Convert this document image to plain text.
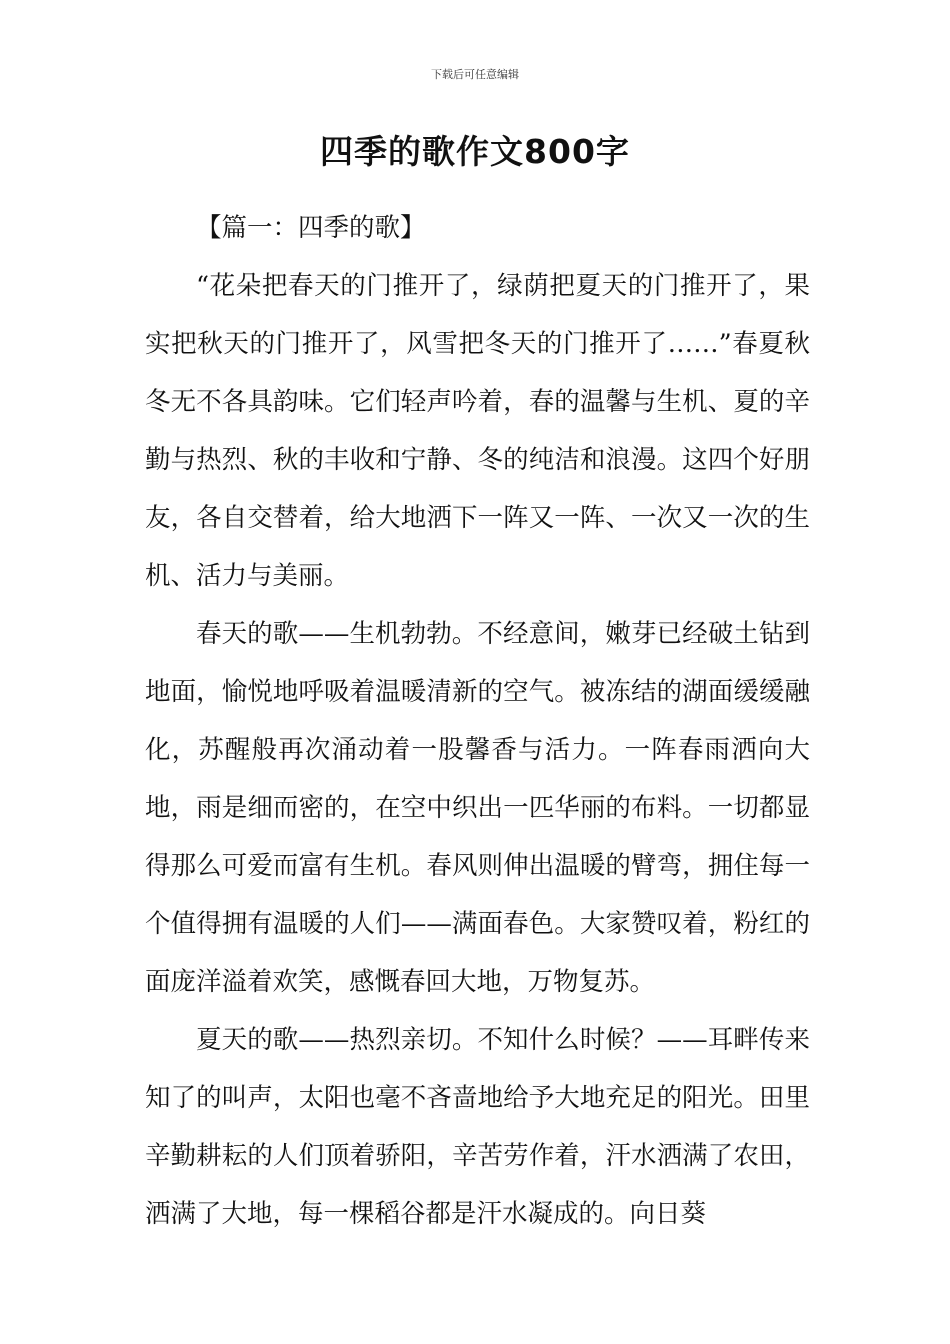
下载后可任意编辑
四季的歌作文800字

【篇一：四季的歌】

“花朵把春天的门推开了，绿荫把夏天的门推开了，果实把秋天的门推开了，风雪把冬天的门推开了……”春夏秋冬无不各具韵味。它们轻声吟着，春的温馨与生机、夏的辛勤与热烈、秋的丰收和宁静、冬的纯洁和浪漫。这四个好朋友，各自交替着，给大地洒下一阵又一阵、一次又一次的生机、活力与美丽。

春天的歌——生机勃勃。不经意间，嫩芽已经破土钻到地面，愉悦地呼吸着温暖清新的空气。被冻结的湖面缓缓融化，苏醒般再次涌动着一股馨香与活力。一阵春雨洒向大地，雨是细而密的，在空中织出一匹华丽的布料。一切都显得那么可爱而富有生机。春风则伸出温暖的臂弯，拥住每一个值得拥有温暖的人们——满面春色。大家赞叹着，粉红的面庞洋溢着欢笑，感慨春回大地，万物复苏。

夏天的歌——热烈亲切。不知什么时候？——耳畔传来知了的叫声，太阳也毫不吝啬地给予大地充足的阳光。田里辛勤耕耘的人们顶着骄阳，辛苦劳作着，汗水洒满了农田，洒满了大地，每一棵稻谷都是汗水凝成的。向日葵
